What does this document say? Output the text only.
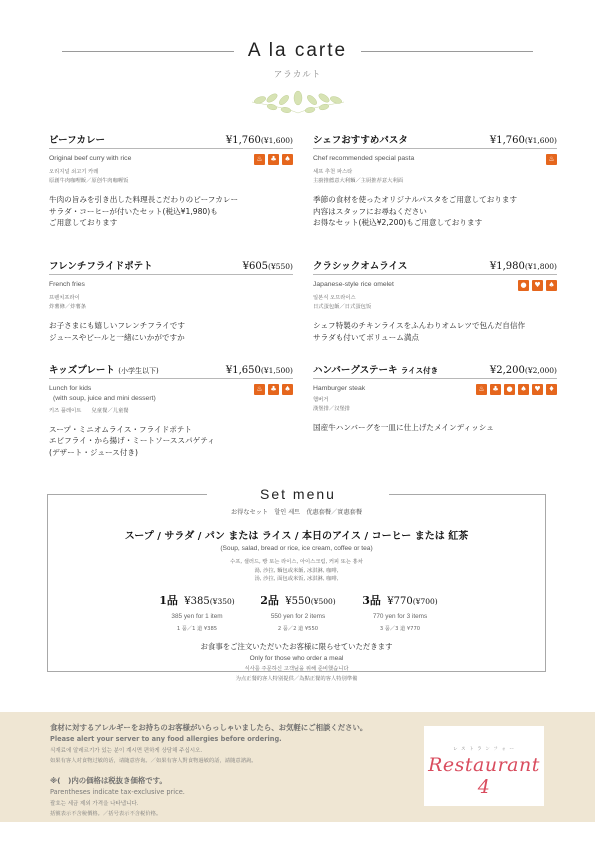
A la carte
アラカルト
ビーフカレー	¥1,760(¥1,600)
Original beef curry with rice
오리지널 쇠고기 카레
原創牛肉咖哩飯／原创牛肉咖喱饭
♨	♣	♠
牛肉の旨みを引き出した料理長こだわりのビーフカレー
サラダ・コーヒーが付いたセット(税込¥1,980)も
ご用意しております
シェフおすすめパスタ	¥1,760(¥1,600)
Chef recommended special pasta
셰프 추천 파스타
主廚推薦意大利麵／主厨推荐意大利面
♨
季節の食材を使ったオリジナルパスタをご用意しております
内容はスタッフにお尋ねください
お得なセット(税込¥2,200)もご用意しております
フレンチフライドポテト	¥605(¥550)
French fries
프렌치프라이
炸薯條／炸薯条
お子さまにも嬉しいフレンチフライです
ジュースやビールと一緒にいかがですか
クラシックオムライス	¥1,980(¥1,800)
Japanese-style rice omelet
일본식 오므라이스
日式蛋包飯／日式蛋包饭
●	♥	♠
シェフ特製のチキンライスをふんわりオムレツで包んだ自信作
サラダも付いてボリューム満点
キッズプレート (小学生以下)	¥1,650(¥1,500)
Lunch for kids
(with soup, juice and mini dessert)
키즈 플레이트 兒童餐／儿童餐
♨	♣	♠
スープ・ミニオムライス・フライドポテト
エビフライ・から揚げ・ミートソーススパゲティ
(デザート・ジュース付き)
ハンバーグステーキ ライス付き	¥2,200(¥2,000)
Hamburger steak
햄버거
漢堡排／汉堡排
♨	♣	●	♠	♥	♦
国産牛ハンバーグを一皿に仕上げたメインディッシュ
Set menu
お得なセット　할인 세트　优惠套餐／實惠套餐
スープ / サラダ / パン または ライス / 本日のアイス / コーヒー または 紅茶
(Soup, salad, bread or rice, ice cream, coffee or tea)
수프, 샐러드, 빵 또는 라이스, 아이스크림, 커피 또는 홍차
湯, 沙拉, 麵包或米飯, 冰淇淋, 咖啡,
汤, 沙拉, 面包或米饭, 冰淇淋, 咖啡,
1品 ¥385(¥350)
385 yen for 1 item
1 품／1 道 ¥385
2品 ¥550(¥500)
550 yen for 2 items
2 품／2 道 ¥550
3品 ¥770(¥700)
770 yen for 3 items
3 품／3 道 ¥770
お食事をご注文いただいたお客様に限らせていただきます
Only for those who order a meal
식사를 주문하신 고객님을 위해 준비했습니다
为点正餐的客人特别提供／為點正餐的客人特別準備
食材に対するアレルギーをお持ちのお客様がいらっしゃいましたら、お気軽にご相談ください。
Please alert your server to any food allergies before ordering.
식재료에 알레르기가 있는 분이 계시면 편하게 상담해 주십시오.
如果有客人对食物过敏的话，请随意咨询。／如果有客人對食物過敏的話，請隨意諮詢。
※(　)内の価格は税抜き価格です。
Parentheses indicate tax-exclusive price.
괄호는 세금 제외 가격을 나타냅니다.
括號表示不含稅價格。／括号表示不含税价格。
レ ス ト ラ ン フ ォ ー
Restaurant 4
